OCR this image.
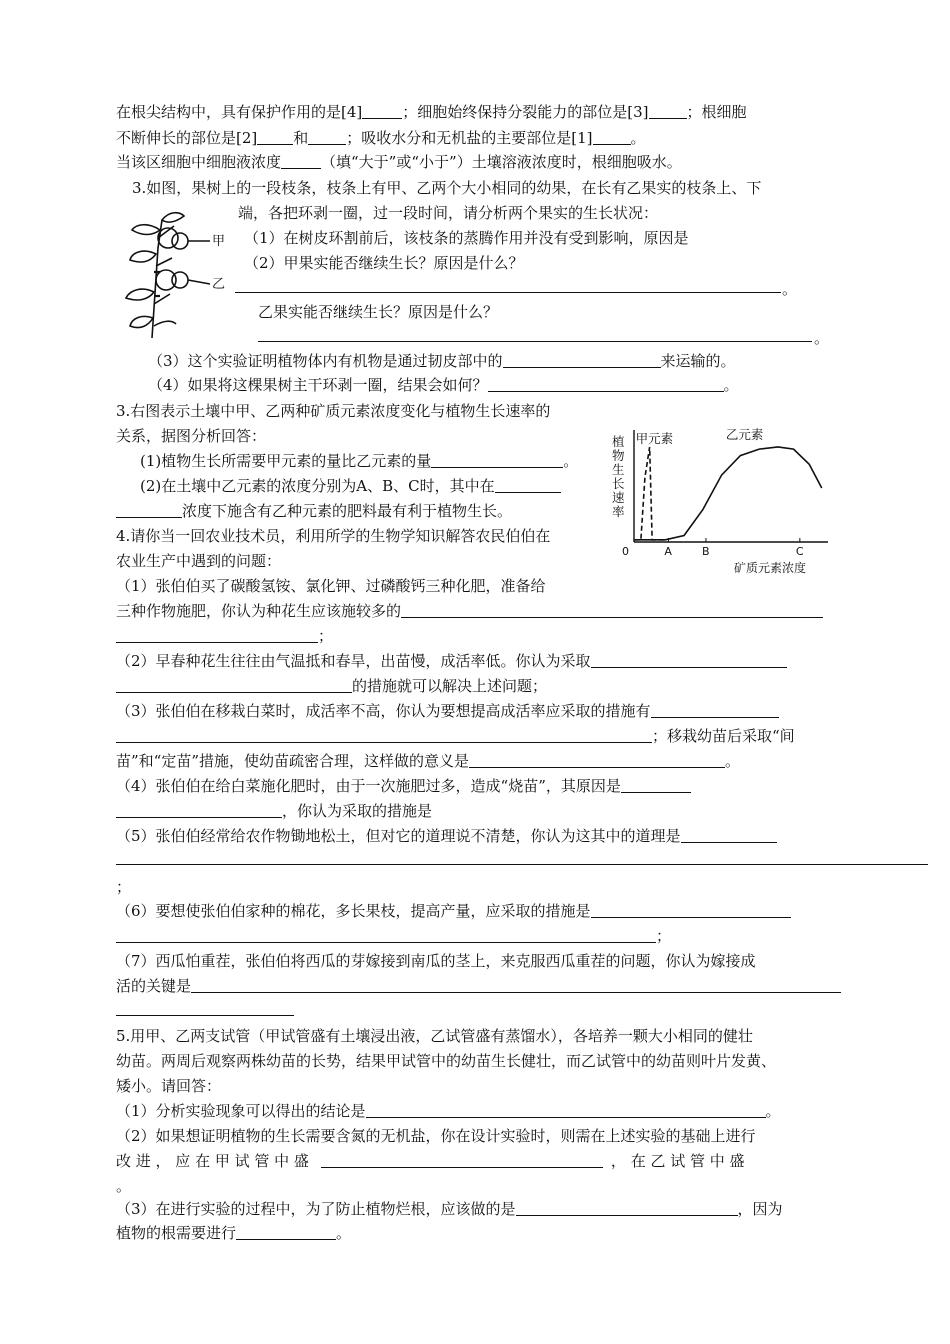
在根尖结构中，具有保护作用的是[4]	；细胞始终保持分裂能力的部位是[3]	；根细胞
不断伸长的部位是[2] 和	；吸收水分和无机盐的主要部位是[1]	。
当该区细胞中细胞液浓度	（填“大于”或“小于”）土壤溶液浓度时，根细胞吸水。
3.如图，果树上的一段枝条，枝条上有甲、乙两个大小相同的幼果，在长有乙果实的枝条上、下
端，各把环剥一圈，过一段时间，请分析两个果实的生长状况：
甲
乙
（1）在树皮环割前后，该枝条的蒸腾作用并没有受到影响，原因是
（2）甲果实能否继续生长？原因是什么？
。
乙果实能否继续生长？原因是什么？
。
（3）这个实验证明植物体内有机物是通过韧皮部中的	来运输的。
（4）如果将这棵果树主干环剥一圈，结果会如何？	。
3.右图表示土壤中甲、乙两种矿质元素浓度变化与植物生长速率的
关系，据图分析回答：
(1)植物生长所需要甲元素的量比乙元素的量	。
(2)在土壤中乙元素的浓度分别为A、B、C时，其中在
浓度下施含有乙种元素的肥料最有利于植物生长。
植
物
生
长
速
率
甲元素	乙元素
0	A	B	C
矿质元素浓度
4.请你当一回农业技术员，利用所学的生物学知识解答农民伯伯在
农业生产中遇到的问题：
（1）张伯伯买了碳酸氢铵、氯化钾、过磷酸钙三种化肥，准备给
三种作物施肥，你认为种花生应该施较多的
；
（2）早春种花生往往由气温抵和春旱，出苗慢，成活率低。你认为采取
的措施就可以解决上述问题；
（3）张伯伯在移栽白菜时，成活率不高，你认为要想提高成活率应采取的措施有
；移栽幼苗后采取“间
苗”和“定苗”措施，使幼苗疏密合理，这样做的意义是	。
（4）张伯伯在给白菜施化肥时，由于一次施肥过多，造成“烧苗”，其原因是
，你认为采取的措施是
（5）张伯伯经常给农作物锄地松土，但对它的道理说不清楚，你认为这其中的道理是
；
（6）要想使张伯伯家种的棉花，多长果枝，提高产量，应采取的措施是
；
（7）西瓜怕重茬，张伯伯将西瓜的芽嫁接到南瓜的茎上，来克服西瓜重茬的问题，你认为嫁接成
活的关键是
5.用甲、乙两支试管（甲试管盛有土壤浸出液，乙试管盛有蒸馏水），各培养一颗大小相同的健壮
幼苗。两周后观察两株幼苗的长势，结果甲试管中的幼苗生长健壮，而乙试管中的幼苗则叶片发黄、
矮小。请回答：
（1）分析实验现象可以得出的结论是	。
（2）如果想证明植物的生长需要含氮的无机盐，你在设计实验时，则需在上述实验的基础上进行
改 进 ， 应 在 甲 试 管 中 盛	， 在 乙 试 管 中 盛
。
（3）在进行实验的过程中，为了防止植物烂根，应该做的是	，因为
植物的根需要进行	。
